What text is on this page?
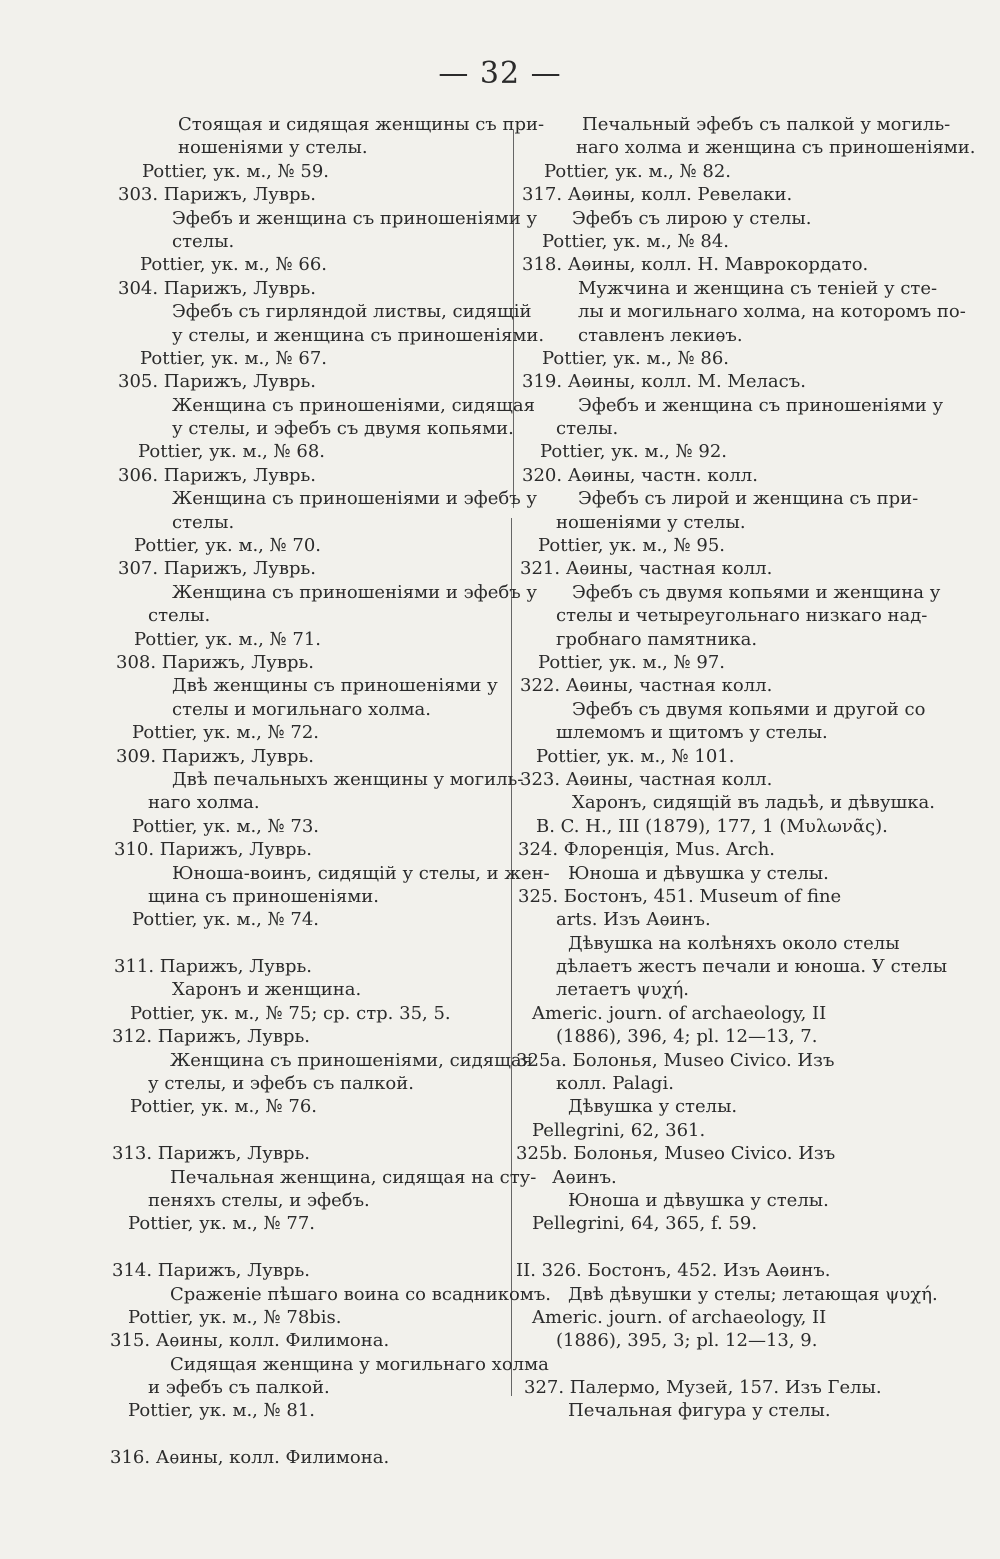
— 32 —
Стоящая и сидящая женщины съ при-
ношеніями у стелы.
Pottier, ук. м., № 59.
303. Парижъ, Луврь.
Эфебъ и женщина съ приношеніями у
стелы.
Pottier, ук. м., № 66.
304. Парижъ, Луврь.
Эфебъ съ гирляндой листвы, сидящій
у стелы, и женщина съ приношеніями.
Pottier, ук. м., № 67.
305. Парижъ, Луврь.
Женщина съ приношеніями, сидящая
у стелы, и эфебъ съ двумя копьями.
Pottier, ук. м., № 68.
306. Парижъ, Луврь.
Женщина съ приношеніями и эфебъ у
стелы.
Pottier, ук. м., № 70.
307. Парижъ, Луврь.
Женщина съ приношеніями и эфебъ у
стелы.
Pottier, ук. м., № 71.
308. Парижъ, Луврь.
Двѣ женщины съ приношеніями у
стелы и могильнаго холма.
Pottier, ук. м., № 72.
309. Парижъ, Луврь.
Двѣ печальныхъ женщины у могиль-
наго холма.
Pottier, ук. м., № 73.
310. Парижъ, Луврь.
Юноша-воинъ, сидящій у стелы, и жен-
щина съ приношеніями.
Pottier, ук. м., № 74.
311. Парижъ, Луврь.
Харонъ и женщина.
Pottier, ук. м., № 75; ср. стр. 35, 5.
312. Парижъ, Луврь.
Женщина съ приношеніями, сидящая
у стелы, и эфебъ съ палкой.
Pottier, ук. м., № 76.
313. Парижъ, Луврь.
Печальная женщина, сидящая на сту-
пеняхъ стелы, и эфебъ.
Pottier, ук. м., № 77.
314. Парижъ, Луврь.
Сраженіе пѣшаго воина со всадникомъ.
Pottier, ук. м., № 78bis.
315. Аѳины, колл. Филимона.
Сидящая женщина у могильнаго холма
и эфебъ съ палкой.
Pottier, ук. м., № 81.
316. Аѳины, колл. Филимона.
Печальный эфебъ съ палкой у могиль-
наго холма и женщина съ приношеніями.
Pottier, ук. м., № 82.
317. Аѳины, колл. Ревелаки.
Эфебъ съ лирою у стелы.
Pottier, ук. м., № 84.
318. Аѳины, колл. Н. Маврокордато.
Мужчина и женщина съ теніей у сте-
лы и могильнаго холма, на которомъ по-
ставленъ лекиѳъ.
Pottier, ук. м., № 86.
319. Аѳины, колл. М. Меласъ.
Эфебъ и женщина съ приношеніями у
стелы.
Pottier, ук. м., № 92.
320. Аѳины, частн. колл.
Эфебъ съ лирой и женщина съ при-
ношеніями у стелы.
Pottier, ук. м., № 95.
321. Аѳины, частная колл.
Эфебъ съ двумя копьями и женщина у
стелы и четыреугольнаго низкаго над-
гробнаго памятника.
Pottier, ук. м., № 97.
322. Аѳины, частная колл.
Эфебъ съ двумя копьями и другой со
шлемомъ и щитомъ у стелы.
Pottier, ук. м., № 101.
323. Аѳины, частная колл.
Харонъ, сидящій въ ладьѣ, и дѣвушка.
B. C. H., III (1879), 177, 1 (Μυλωνᾶς).
324. Флоренція, Mus. Arch.
Юноша и дѣвушка у стелы.
325. Бостонъ, 451. Museum of fine
arts. Изъ Аѳинъ.
Дѣвушка на колѣняхъ около стелы
дѣлаетъ жестъ печали и юноша. У стелы
летаетъ ψυχή.
Americ. journ. of archaeology, II
(1886), 396, 4; pl. 12—13, 7.
325a. Болонья, Museo Civico. Изъ
колл. Palagi.
Дѣвушка у стелы.
Pellegrini, 62, 361.
325b. Болонья, Museo Civico. Изъ
Аѳинъ.
Юноша и дѣвушка у стелы.
Pellegrini, 64, 365, f. 59.
II. 326. Бостонъ, 452. Изъ Аѳинъ.
Двѣ дѣвушки у стелы; летающая ψυχή.
Americ. journ. of archaeology, II
(1886), 395, 3; pl. 12—13, 9.
327. Палермо, Музей, 157. Изъ Гелы.
Печальная фигура у стелы.
